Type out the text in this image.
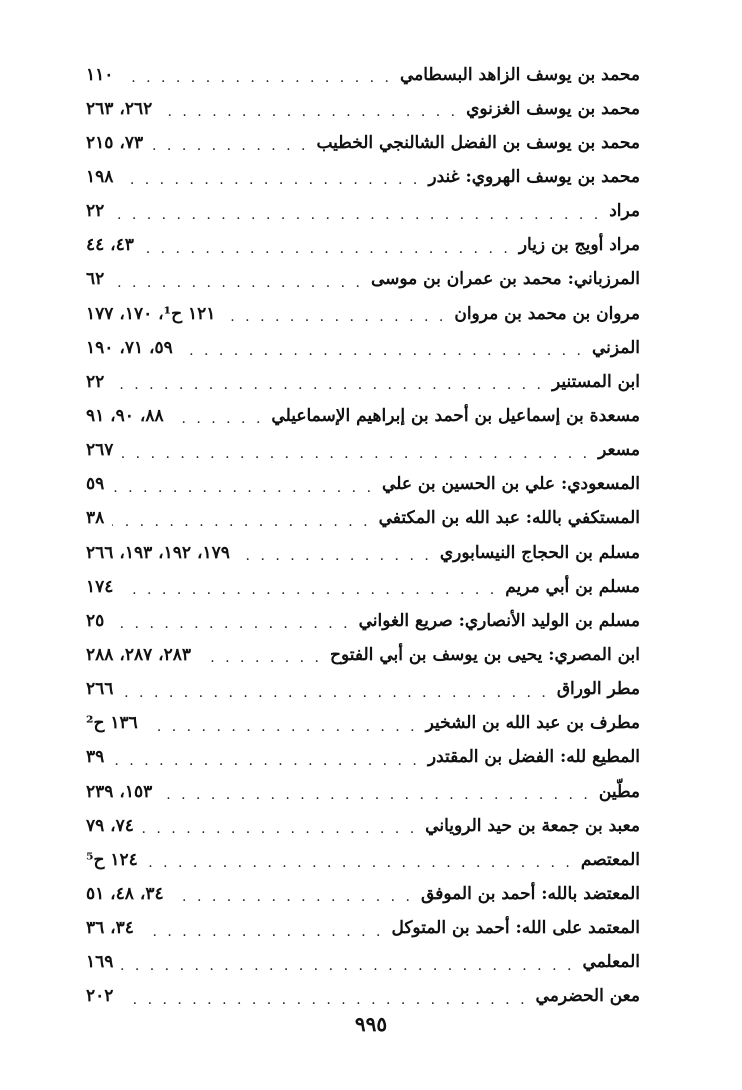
محمد بن يوسف الزاهد البسطامي
. . .
١١٠
محمد بن يوسف الغزنوي
. . .
٢٦٢، ٢٦٣
محمد بن يوسف بن الفضل الشالنجي الخطيب
. . .
٧٣، ٢١٥
محمد بن يوسف الهروي: غندر
. . .
١٩٨
مراد
. . .
٢٢
مراد أويج بن زيار
. . .
٤٣، ٤٤
المرزباني: محمد بن عمران بن موسى
. . .
٦٢
مروان بن محمد بن مروان
. . .
١٢١ ح¹، ١٧٠، ١٧٧
المزني
. . .
٥٩، ٧١، ١٩٠
ابن المستنير
. . .
٢٢
مسعدة بن إسماعيل بن أحمد بن إبراهيم الإسماعيلي
. . .
٨٨، ٩٠، ٩١
مسعر
. . .
٢٦٧
المسعودي: علي بن الحسين بن علي
. . .
٥٩
المستكفي بالله: عبد الله بن المكتفي
. . .
٣٨
مسلم بن الحجاج النيسابوري
. . .
١٧٩، ١٩٢، ١٩٣، ٢٦٦
مسلم بن أبي مريم
. . .
١٧٤
مسلم بن الوليد الأنصاري: صريع الغواني
. . .
٢٥
ابن المصري: يحيى بن يوسف بن أبي الفتوح
. . .
٢٨٣، ٢٨٧، ٢٨٨
مطر الوراق
. . .
٢٦٦
مطرف بن عبد الله بن الشخير
. . .
١٣٦ ح²
المطيع لله: الفضل بن المقتدر
. . .
٣٩
مطّين
. . .
١٥٣، ٢٣٩
معبد بن جمعة بن حيد الروياني
. . .
٧٤، ٧٩
المعتصم
. . .
١٢٤ ح⁵
المعتضد بالله: أحمد بن الموفق
. . .
٣٤، ٤٨، ٥١
المعتمد على الله: أحمد بن المتوكل
. . .
٣٤، ٣٦
المعلمي
. . .
١٦٩
معن الحضرمي
. . .
٢٠٢
٩٩٥
